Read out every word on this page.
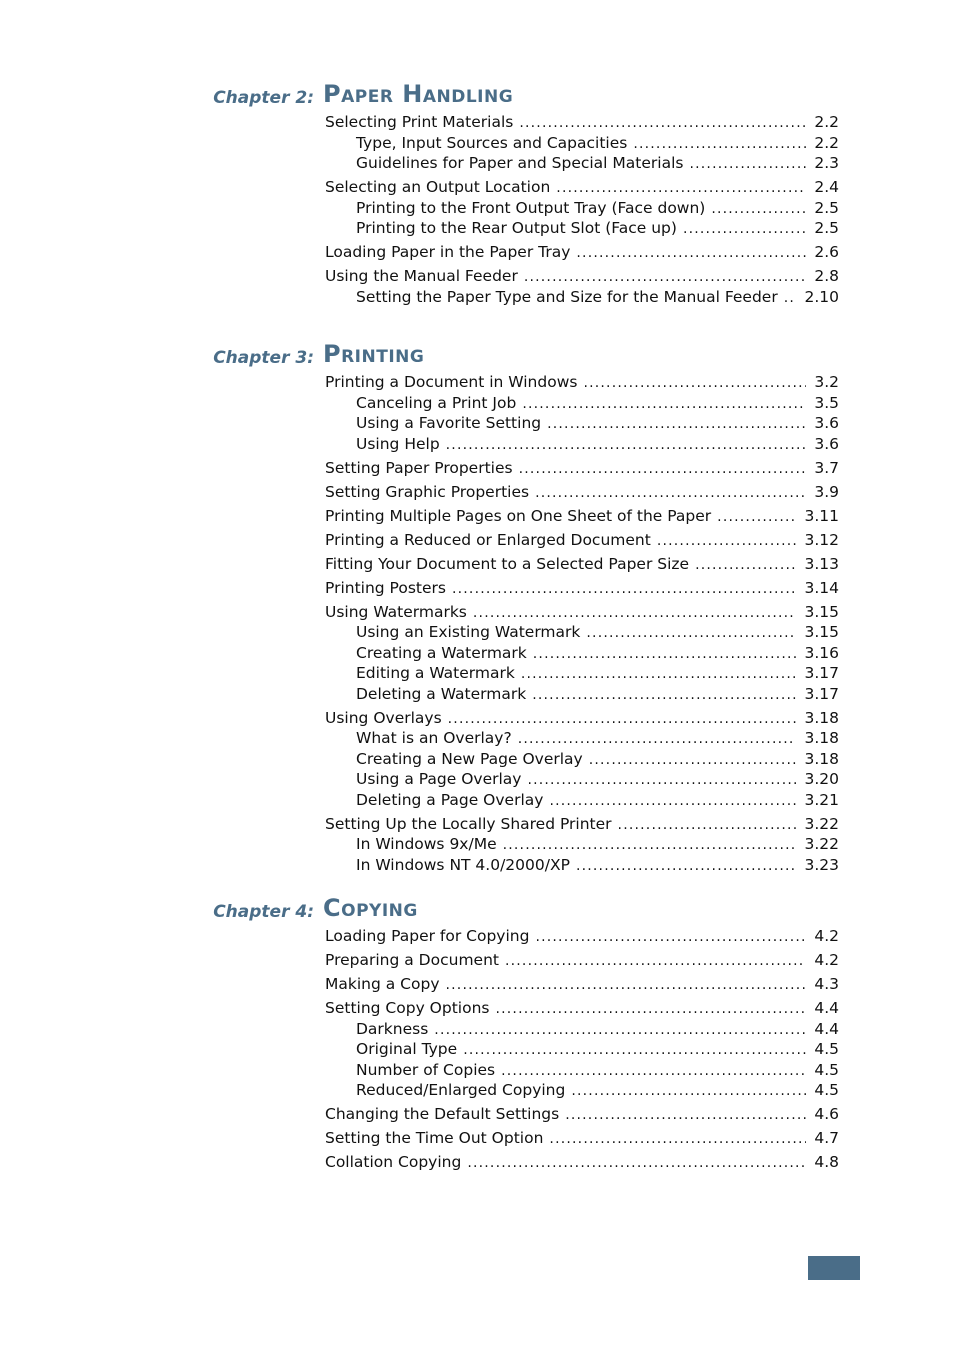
Chapter 2: Paper Handling
Selecting Print Materials .....	2.2
Type, Input Sources and Capacities .....	2.2
Guidelines for Paper and Special Materials .....	2.3
Selecting an Output Location .....	2.4
Printing to the Front Output Tray (Face down) .....	2.5
Printing to the Rear Output Slot (Face up) .....	2.5
Loading Paper in the Paper Tray .....	2.6
Using the Manual Feeder .....	2.8
Setting the Paper Type and Size for the Manual Feeder .....	2.10
Chapter 3: Printing
Printing a Document in Windows .....	3.2
Canceling a Print Job .....	3.5
Using a Favorite Setting .....	3.6
Using Help .....	3.6
Setting Paper Properties .....	3.7
Setting Graphic Properties .....	3.9
Printing Multiple Pages on One Sheet of the Paper .....	3.11
Printing a Reduced or Enlarged Document .....	3.12
Fitting Your Document to a Selected Paper Size .....	3.13
Printing Posters .....	3.14
Using Watermarks .....	3.15
Using an Existing Watermark .....	3.15
Creating a Watermark .....	3.16
Editing a Watermark .....	3.17
Deleting a Watermark .....	3.17
Using Overlays .....	3.18
What is an Overlay? .....	3.18
Creating a New Page Overlay .....	3.18
Using a Page Overlay .....	3.20
Deleting a Page Overlay .....	3.21
Setting Up the Locally Shared Printer .....	3.22
In Windows 9x/Me .....	3.22
In Windows NT 4.0/2000/XP .....	3.23
Chapter 4: Copying
Loading Paper for Copying .....	4.2
Preparing a Document .....	4.2
Making a Copy .....	4.3
Setting Copy Options .....	4.4
Darkness .....	4.4
Original Type .....	4.5
Number of Copies .....	4.5
Reduced/Enlarged Copying .....	4.5
Changing the Default Settings .....	4.6
Setting the Time Out Option .....	4.7
Collation Copying .....	4.8
